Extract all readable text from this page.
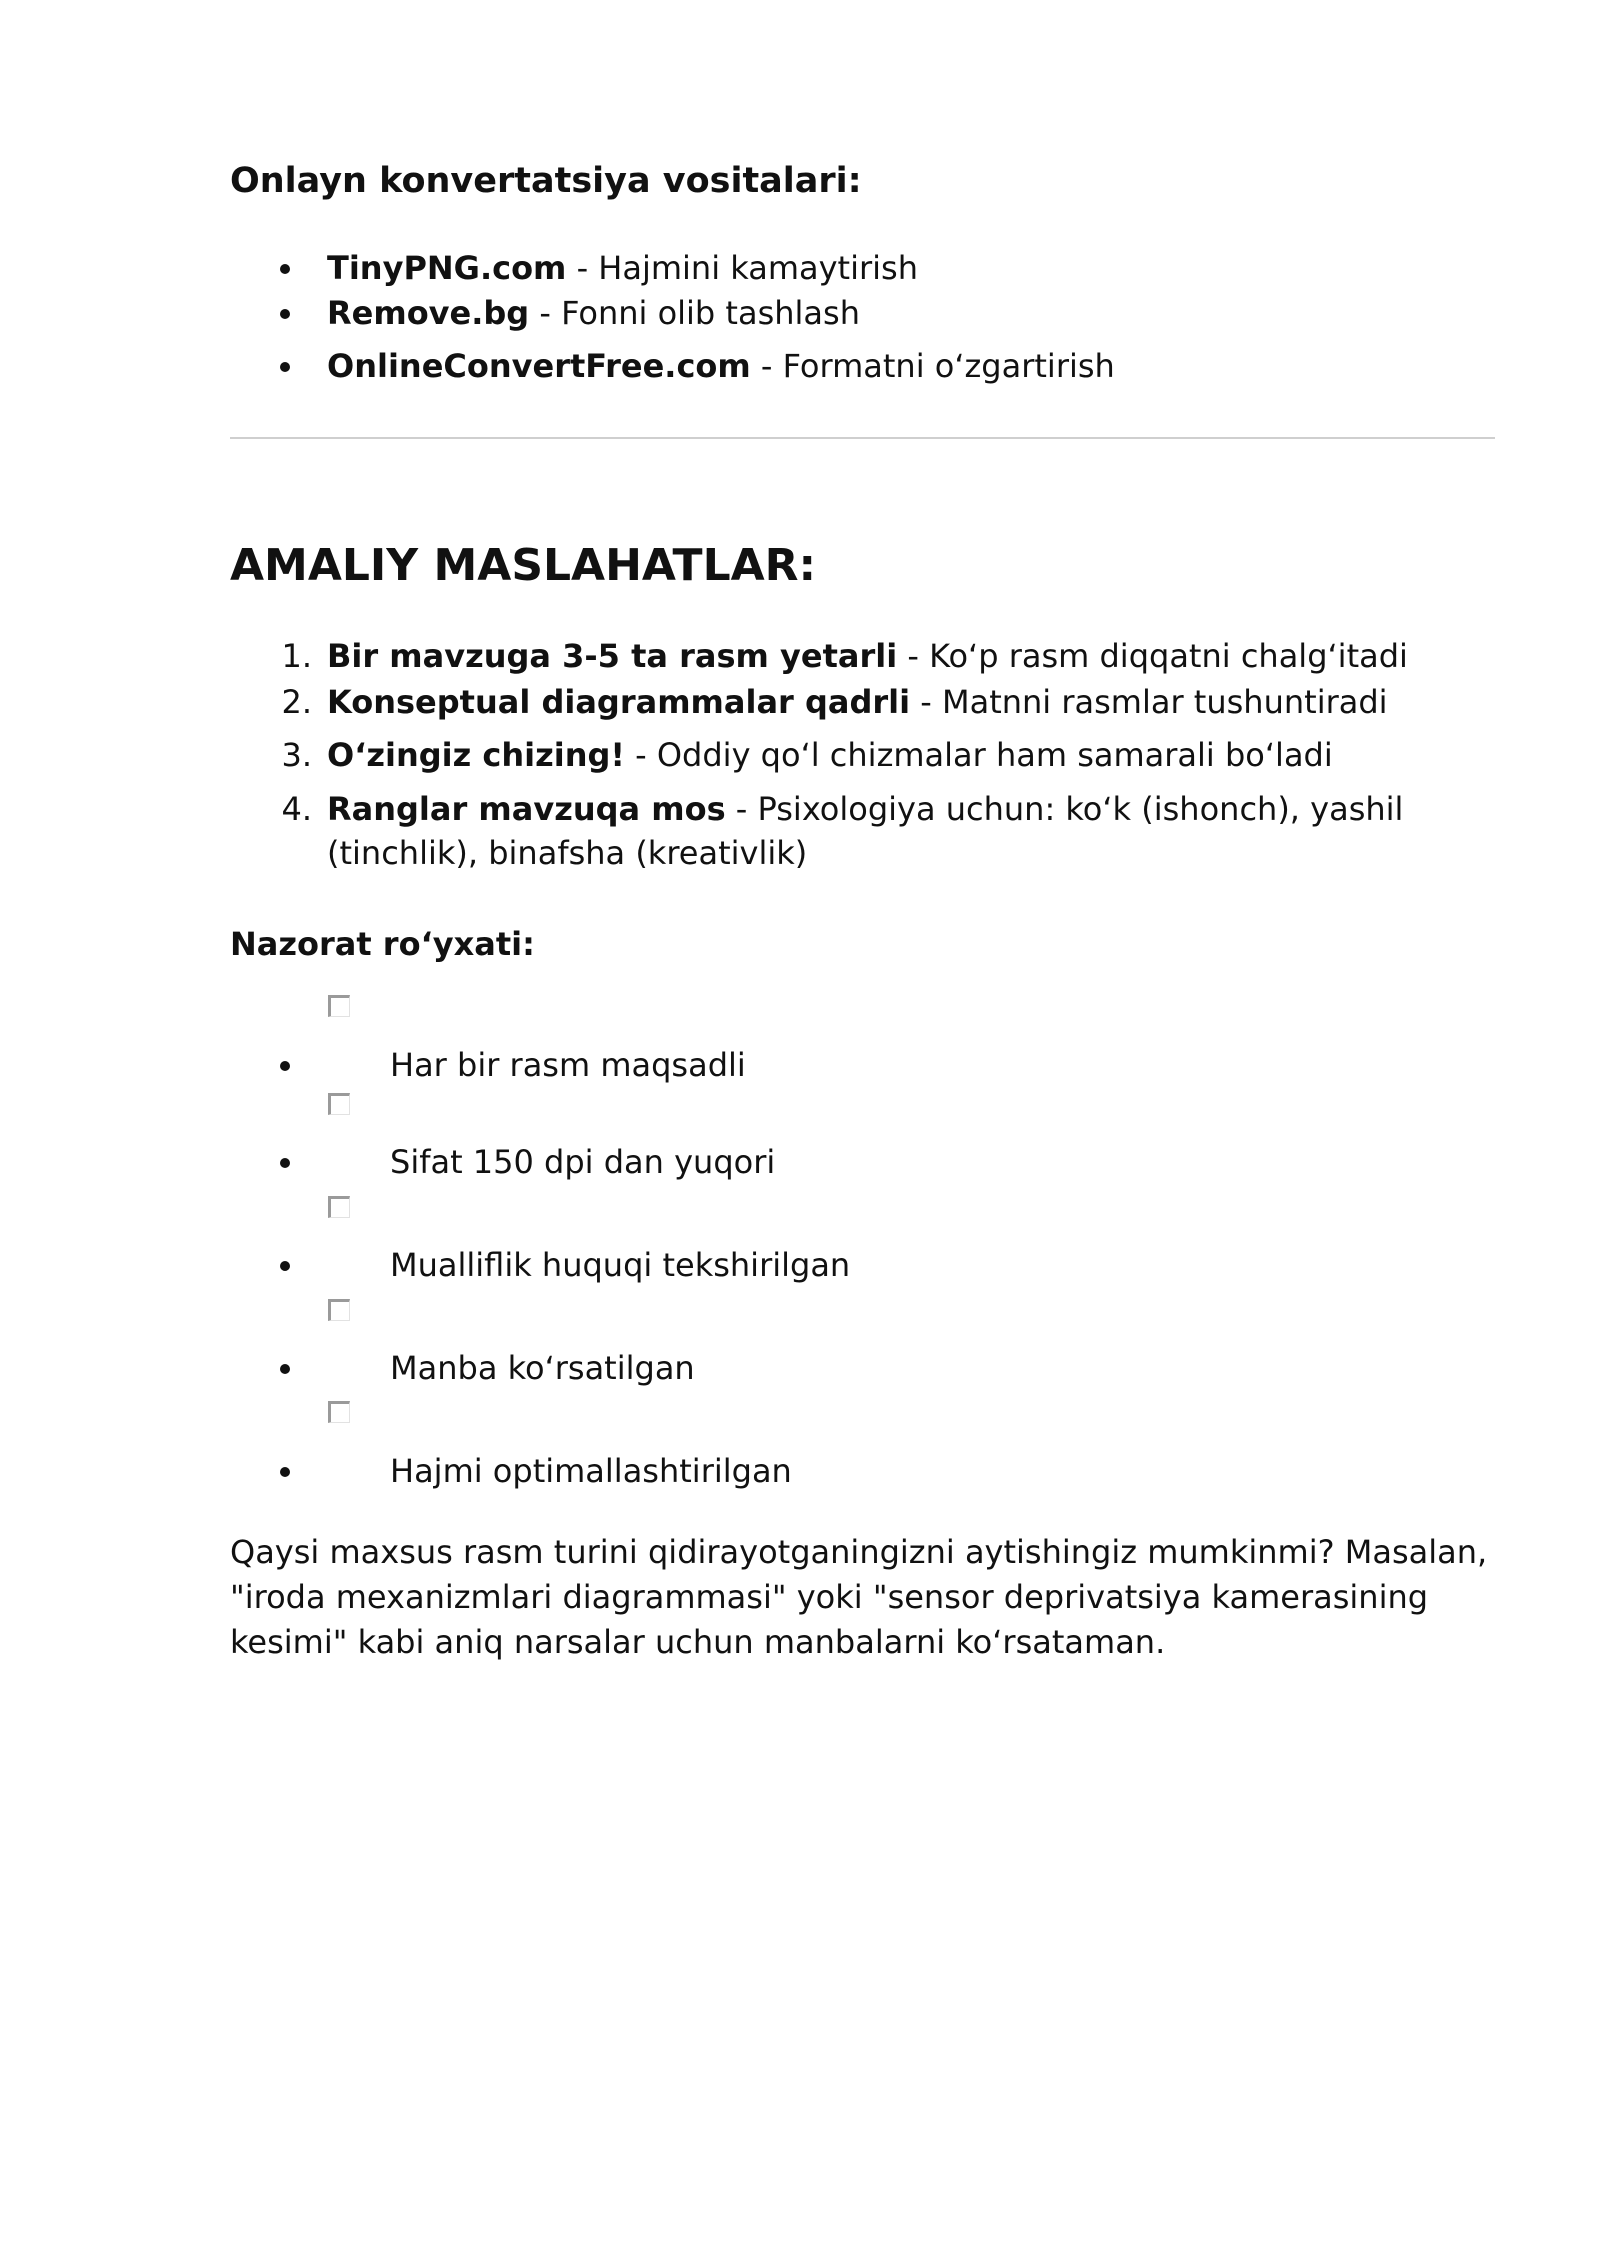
Onlayn konvertatsiya vositalari:
TinyPNG.com - Hajmini kamaytirish
Remove.bg - Fonni olib tashlash
OnlineConvertFree.com - Formatni o‘zgartirish
AMALIY MASLAHATLAR:
1. Bir mavzuga 3-5 ta rasm yetarli - Ko‘p rasm diqqatni chalg‘itadi
2. Konseptual diagrammalar qadrli - Matnni rasmlar tushuntiradi
3. O‘zingiz chizing! - Oddiy qo‘l chizmalar ham samarali bo‘ladi
4. Ranglar mavzuqa mos - Psixologiya uchun: ko‘k (ishonch), yashil (tinchlik), binafsha (kreativlik)
Nazorat ro‘yxati:
Har bir rasm maqsadli
Sifat 150 dpi dan yuqori
Mualliflik huquqi tekshirilgan
Manba ko‘rsatilgan
Hajmi optimallashtirilgan

Qaysi maxsus rasm turini qidirayotganingizni aytishingiz mumkinmi? Masalan, "iroda mexanizmlari diagrammasi" yoki "sensor deprivatsiya kamerasining kesimi" kabi aniq narsalar uchun manbalarni ko‘rsataman.
